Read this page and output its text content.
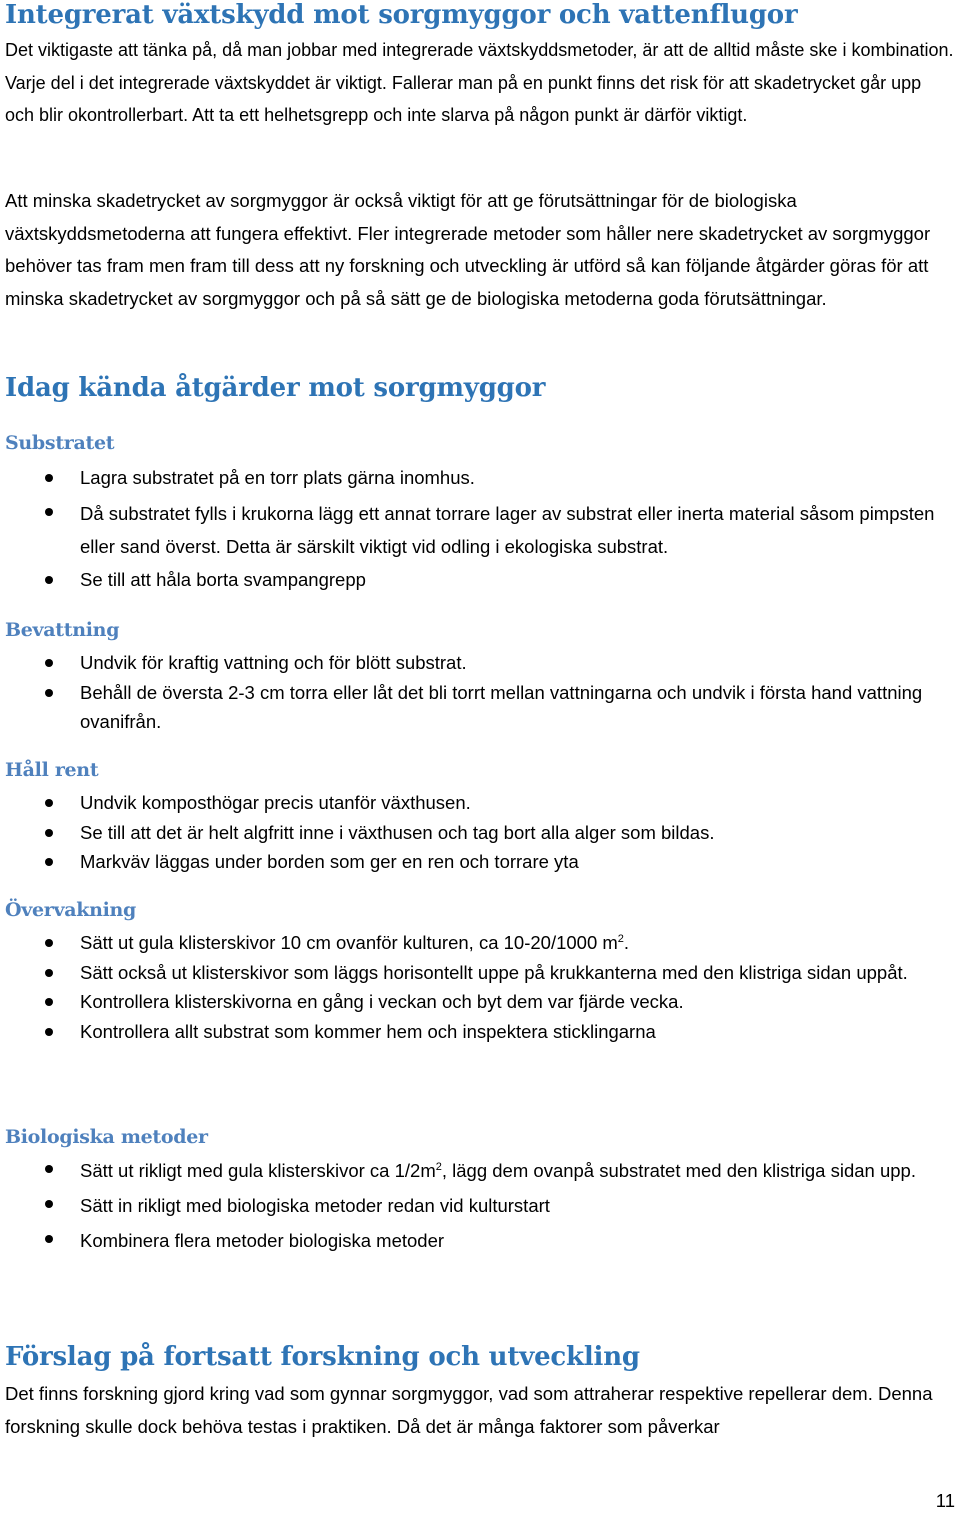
Integrerat växtskydd mot sorgmyggor och vattenflugor

Det viktigaste att tänka på, då man jobbar med integrerade växtskyddsmetoder, är att de alltid måste ske i kombination. Varje del i det integrerade växtskyddet är viktigt. Fallerar man på en punkt finns det risk för att skadetrycket går upp och blir okontrollerbart. Att ta ett helhetsgrepp och inte slarva på någon punkt är därför viktigt.

Att minska skadetrycket av sorgmyggor är också viktigt för att ge förutsättningar för de biologiska växtskyddsmetoderna att fungera effektivt. Fler integrerade metoder som håller nere skadetrycket av sorgmyggor behöver tas fram men fram till dess att ny forskning och utveckling är utförd så kan följande åtgärder göras för att minska skadetrycket av sorgmyggor och på så sätt ge de biologiska metoderna goda förutsättningar.

Idag kända åtgärder mot sorgmyggor
Substratet
Lagra substratet på en torr plats gärna inomhus.
Då substratet fylls i krukorna lägg ett annat torrare lager av substrat eller inerta material såsom pimpsten eller sand överst. Detta är särskilt viktigt vid odling i ekologiska substrat.
Se till att håla borta svampangrepp
Bevattning
Undvik för kraftig vattning och för blött substrat.
Behåll de översta 2-3 cm torra eller låt det bli torrt mellan vattningarna och undvik i första hand vattning ovanifrån.
Håll rent
Undvik komposthögar precis utanför växthusen.
Se till att det är helt algfritt inne i växthusen och tag bort alla alger som bildas.
Markväv läggas under borden som ger en ren och torrare yta
Övervakning
Sätt ut gula klisterskivor 10 cm ovanför kulturen, ca 10-20/1000 $m^2$.
Sätt också ut klisterskivor som läggs horisontellt uppe på krukkanterna med den klistriga sidan uppåt.
Kontrollera klisterskivorna en gång i veckan och byt dem var fjärde vecka.
Kontrollera allt substrat som kommer hem och inspektera sticklingarna
Biologiska metoder
Sätt ut rikligt med gula klisterskivor ca $1/2m^2$, lägg dem ovanpå substratet med den klistriga sidan upp.
Sätt in rikligt med biologiska metoder redan vid kulturstart
Kombinera flera metoder biologiska metoder
Förslag på fortsatt forskning och utveckling

Det finns forskning gjord kring vad som gynnar sorgmyggor, vad som attraherar respektive repellerar dem. Denna forskning skulle dock behöva testas i praktiken. Då det är många faktorer som påverkar

11
